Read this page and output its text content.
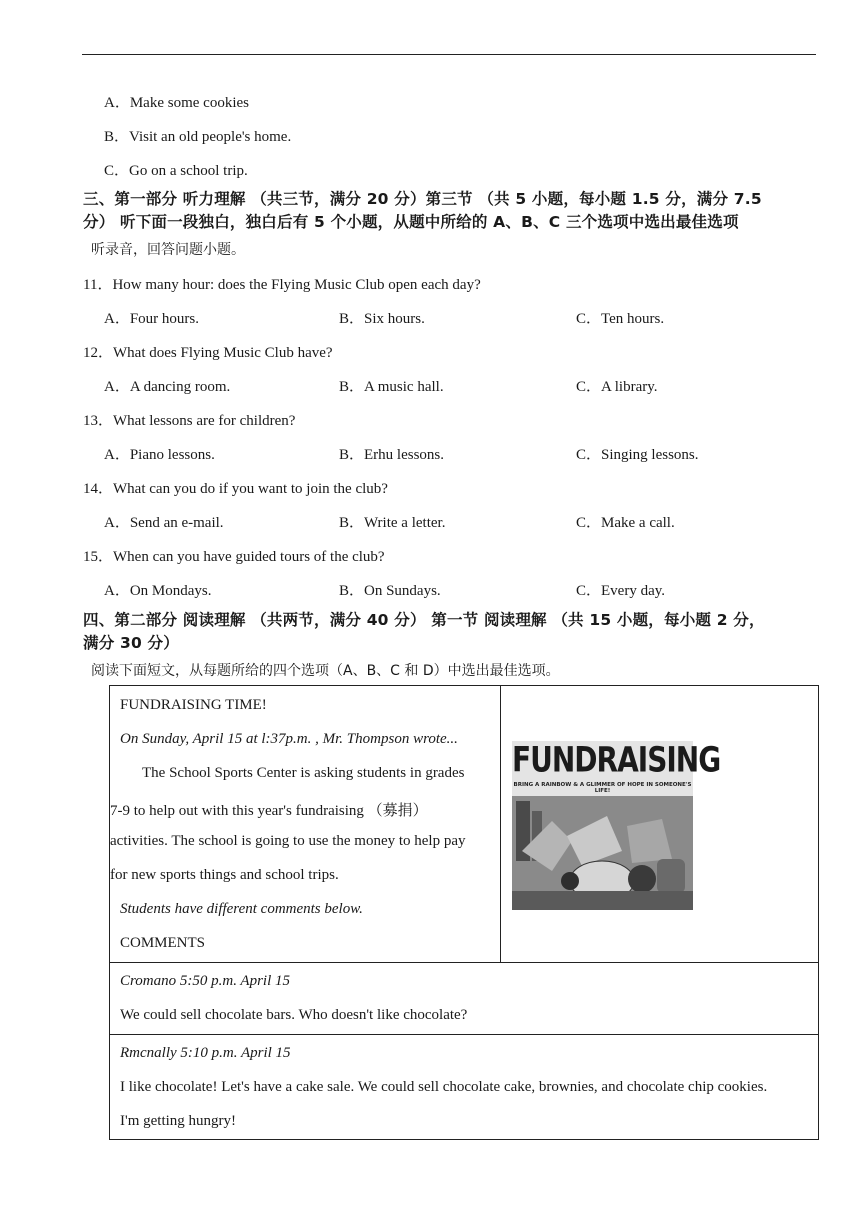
A．Make some cookies
B．Visit an old people's home.
C．Go on a school trip.
三、第一部分 听力理解 （共三节，满分 20 分）第三节 （共 5 小题，每小题 1.5 分，满分 7.5
分） 听下面一段独白，独白后有 5 个小题，从题中所给的 A、B、C 三个选项中选出最佳选项
听录音，回答问题小题。
11．How many hour: does the Flying Music Club open each day?
A．Four hours.	B．Six hours.	C．Ten hours.
12．What does Flying Music Club have?
A．A dancing room.	B．A music hall.	C．A library.
13．What lessons are for children?
A．Piano lessons.	B．Erhu lessons.	C．Singing lessons.
14．What can you do if you want to join the club?
A．Send an e-mail.	B．Write a letter.	C．Make a call.
15．When can you have guided tours of the club?
A．On Mondays.	B．On Sundays.	C．Every day.
四、第二部分 阅读理解 （共两节，满分 40 分） 第一节 阅读理解 （共 15 小题，每小题 2 分，
满分 30 分）
阅读下面短文，从每题所给的四个选项（A、B、C 和 D）中选出最佳选项。
FUNDRAISING TIME!
On Sunday, April 15 at l:37p.m. , Mr. Thompson wrote...
The School Sports Center is asking students in grades
7-9 to help out with this year's fundraising （募捐）
activities. The school is going to use the money to help pay
for new sports things and school trips.
Students have different comments below.
COMMENTS

Cromano 5:50 p.m. April 15
We could sell chocolate bars. Who doesn't like chocolate?

Rmcnally 5:10 p.m. April 15
I like chocolate! Let's have a cake sale. We could sell chocolate cake, brownies, and chocolate chip cookies.
I'm getting hungry!
FUNDRAISING
BRING A RAINBOW & A GLIMMER OF HOPE IN SOMEONE'S LIFE!
